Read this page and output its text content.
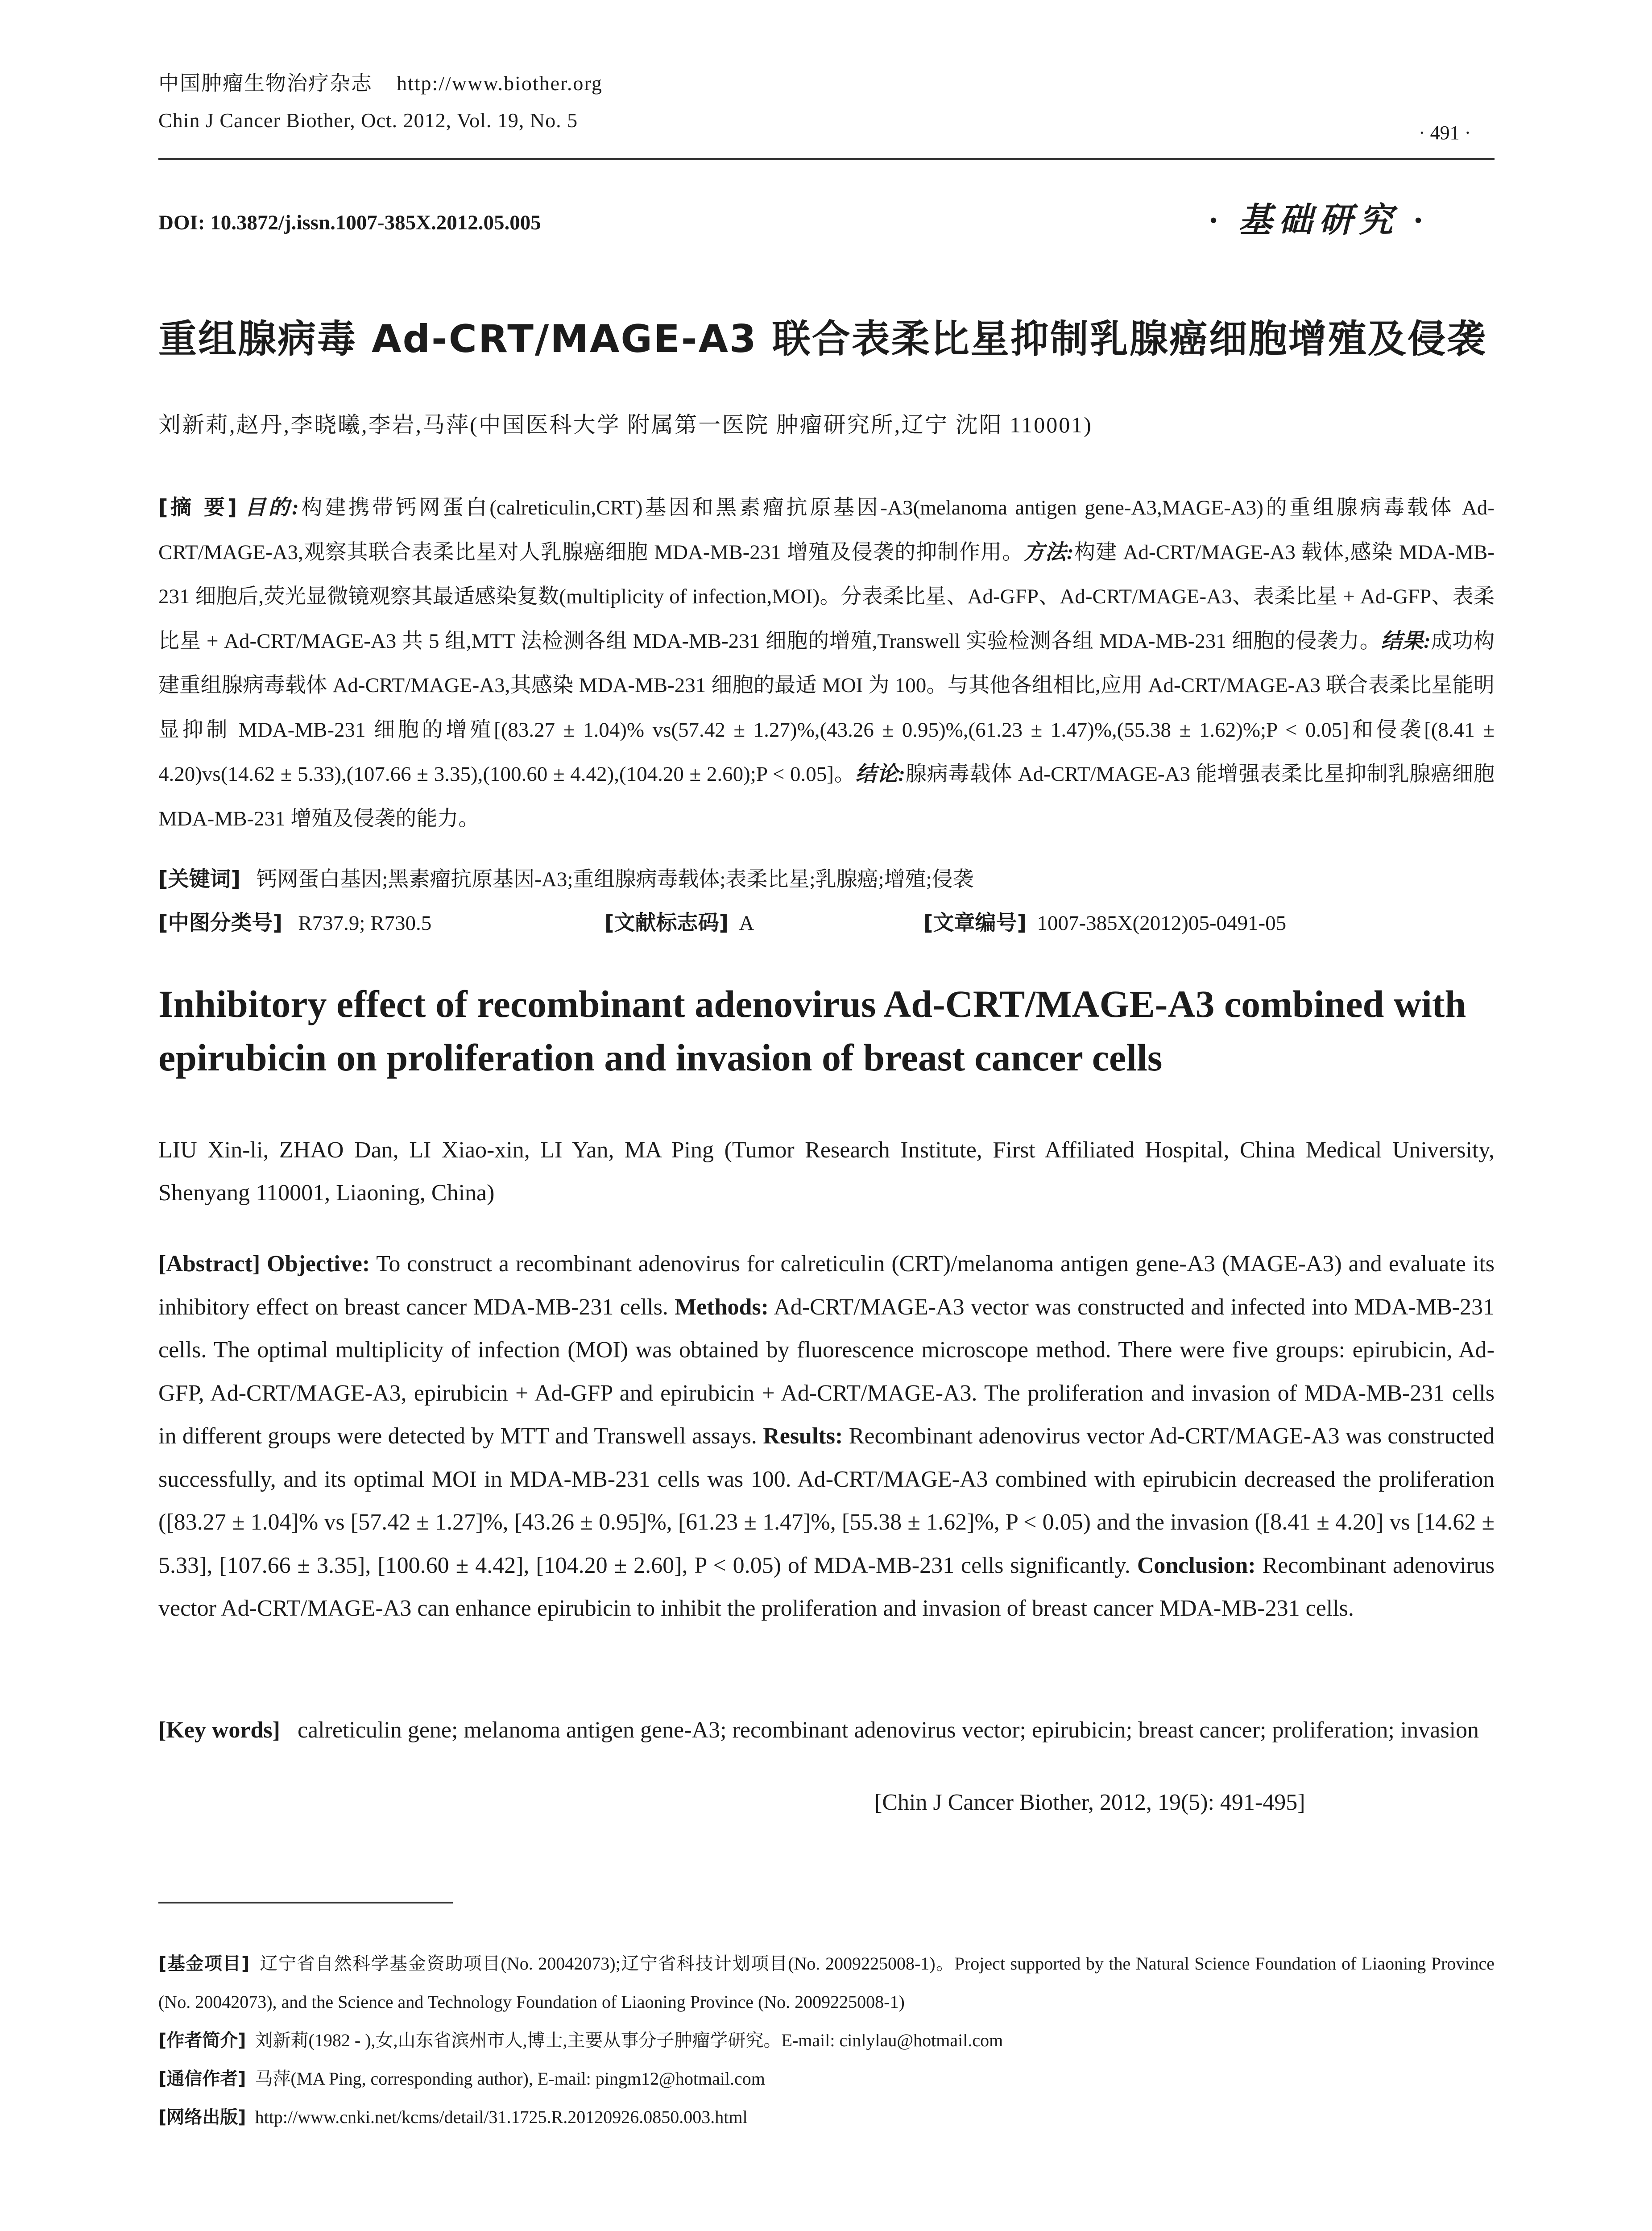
中国肿瘤生物治疗杂志 http://www.biother.org
Chin J Cancer Biother, Oct. 2012, Vol. 19, No. 5
· 491 ·
DOI: 10.3872/j.issn.1007-385X.2012.05.005	· 基础研究 ·
重组腺病毒 Ad-CRT/MAGE-A3 联合表柔比星抑制乳腺癌细胞增殖及侵袭
刘新莉,赵丹,李晓曦,李岩,马萍(中国医科大学 附属第一医院 肿瘤研究所,辽宁 沈阳 110001)
[摘 要] 目的:构建携带钙网蛋白(calreticulin,CRT)基因和黑素瘤抗原基因-A3(melanoma antigen gene-A3,MAGE-A3)的重组腺病毒载体 Ad-CRT/MAGE-A3,观察其联合表柔比星对人乳腺癌细胞 MDA-MB-231 增殖及侵袭的抑制作用。方法:构建 Ad-CRT/MAGE-A3 载体,感染 MDA-MB-231 细胞后,荧光显微镜观察其最适感染复数(multiplicity of infection,MOI)。分表柔比星、Ad-GFP、Ad-CRT/MAGE-A3、表柔比星 + Ad-GFP、表柔比星 + Ad-CRT/MAGE-A3 共 5 组,MTT 法检测各组 MDA-MB-231 细胞的增殖,Transwell 实验检测各组 MDA-MB-231 细胞的侵袭力。结果:成功构建重组腺病毒载体 Ad-CRT/MAGE-A3,其感染 MDA-MB-231 细胞的最适 MOI 为 100。与其他各组相比,应用 Ad-CRT/MAGE-A3 联合表柔比星能明显抑制 MDA-MB-231 细胞的增殖[(83.27 ± 1.04)% vs(57.42 ± 1.27)%,(43.26 ± 0.95)%,(61.23 ± 1.47)%,(55.38 ± 1.62)%;P < 0.05]和侵袭[(8.41 ± 4.20)vs(14.62 ± 5.33),(107.66 ± 3.35),(100.60 ± 4.42),(104.20 ± 2.60);P < 0.05]。结论:腺病毒载体 Ad-CRT/MAGE-A3 能增强表柔比星抑制乳腺癌细胞 MDA-MB-231 增殖及侵袭的能力。
[关键词] 钙网蛋白基因;黑素瘤抗原基因-A3;重组腺病毒载体;表柔比星;乳腺癌;增殖;侵袭
[中图分类号] R737.9; R730.5	[文献标志码] A	[文章编号] 1007-385X(2012)05-0491-05
Inhibitory effect of recombinant adenovirus Ad-CRT/MAGE-A3 combined with epirubicin on proliferation and invasion of breast cancer cells
LIU Xin-li, ZHAO Dan, LI Xiao-xin, LI Yan, MA Ping (Tumor Research Institute, First Affiliated Hospital, China Medical University, Shenyang 110001, Liaoning, China)
[Abstract] Objective: To construct a recombinant adenovirus for calreticulin (CRT)/melanoma antigen gene-A3 (MAGE-A3) and evaluate its inhibitory effect on breast cancer MDA-MB-231 cells. Methods: Ad-CRT/MAGE-A3 vector was constructed and infected into MDA-MB-231 cells. The optimal multiplicity of infection (MOI) was obtained by fluorescence microscope method. There were five groups: epirubicin, Ad-GFP, Ad-CRT/MAGE-A3, epirubicin + Ad-GFP and epirubicin + Ad-CRT/MAGE-A3. The proliferation and invasion of MDA-MB-231 cells in different groups were detected by MTT and Transwell assays. Results: Recombinant adenovirus vector Ad-CRT/MAGE-A3 was constructed successfully, and its optimal MOI in MDA-MB-231 cells was 100. Ad-CRT/MAGE-A3 combined with epirubicin decreased the proliferation ([83.27 ± 1.04]% vs [57.42 ± 1.27]%, [43.26 ± 0.95]%, [61.23 ± 1.47]%, [55.38 ± 1.62]%, P < 0.05) and the invasion ([8.41 ± 4.20] vs [14.62 ± 5.33], [107.66 ± 3.35], [100.60 ± 4.42], [104.20 ± 2.60], P < 0.05) of MDA-MB-231 cells significantly. Conclusion: Recombinant adenovirus vector Ad-CRT/MAGE-A3 can enhance epirubicin to inhibit the proliferation and invasion of breast cancer MDA-MB-231 cells.
[Key words] calreticulin gene; melanoma antigen gene-A3; recombinant adenovirus vector; epirubicin; breast cancer; proliferation; invasion
[Chin J Cancer Biother, 2012, 19(5): 491-495]

[基金项目] 辽宁省自然科学基金资助项目(No. 20042073);辽宁省科技计划项目(No. 2009225008-1)。Project supported by the Natural Science Foundation of Liaoning Province (No. 20042073), and the Science and Technology Foundation of Liaoning Province (No. 2009225008-1)

[作者简介] 刘新莉(1982 - ),女,山东省滨州市人,博士,主要从事分子肿瘤学研究。E-mail: cinlylau@hotmail.com

[通信作者] 马萍(MA Ping, corresponding author), E-mail: pingm12@hotmail.com

[网络出版] http://www.cnki.net/kcms/detail/31.1725.R.20120926.0850.003.html
